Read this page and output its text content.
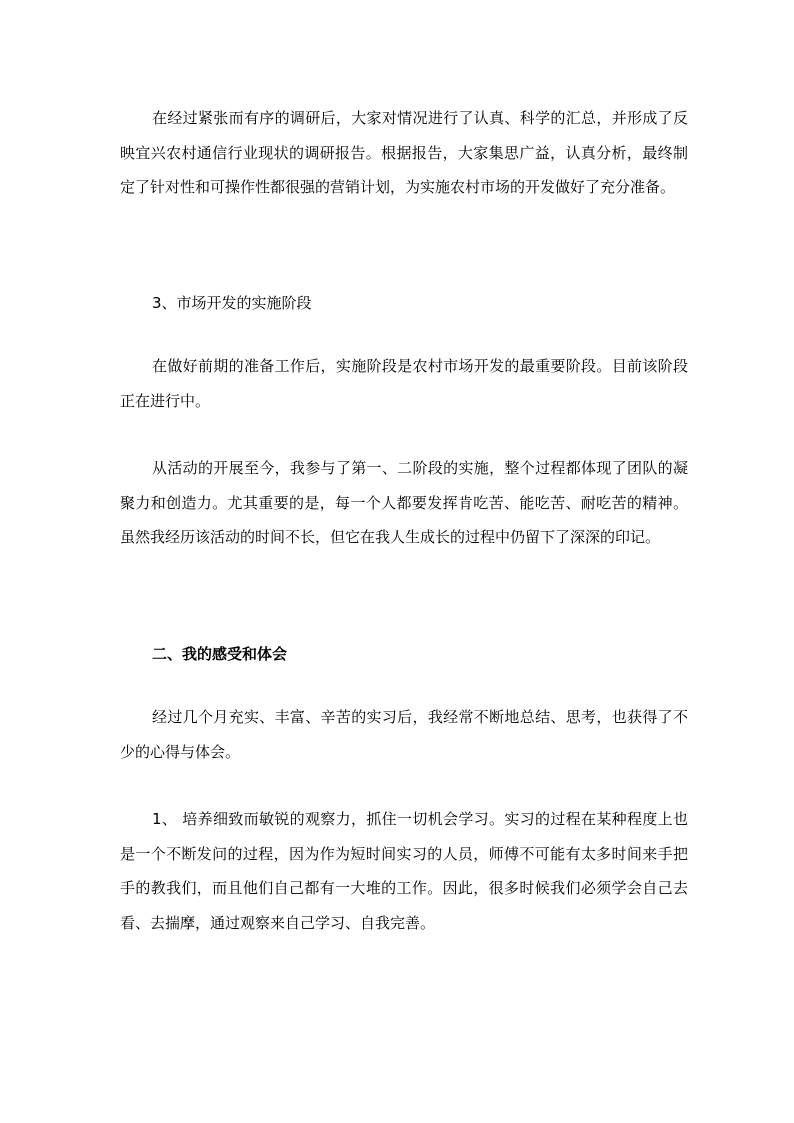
在经过紧张而有序的调研后，大家对情况进行了认真、科学的汇总，并形成了反映宜兴农村通信行业现状的调研报告。根据报告，大家集思广益，认真分析，最终制定了针对性和可操作性都很强的营销计划，为实施农村市场的开发做好了充分准备。

3、市场开发的实施阶段

在做好前期的准备工作后，实施阶段是农村市场开发的最重要阶段。目前该阶段正在进行中。

从活动的开展至今，我参与了第一、二阶段的实施，整个过程都体现了团队的凝聚力和创造力。尤其重要的是，每一个人都要发挥肯吃苦、能吃苦、耐吃苦的精神。虽然我经历该活动的时间不长，但它在我人生成长的过程中仍留下了深深的印记。

二、我的感受和体会

经过几个月充实、丰富、辛苦的实习后，我经常不断地总结、思考，也获得了不少的心得与体会。

1、 培养细致而敏锐的观察力，抓住一切机会学习。实习的过程在某种程度上也是一个不断发问的过程，因为作为短时间实习的人员，师傅不可能有太多时间来手把手的教我们，而且他们自己都有一大堆的工作。因此，很多时候我们必须学会自己去看、去揣摩，通过观察来自己学习、自我完善。
